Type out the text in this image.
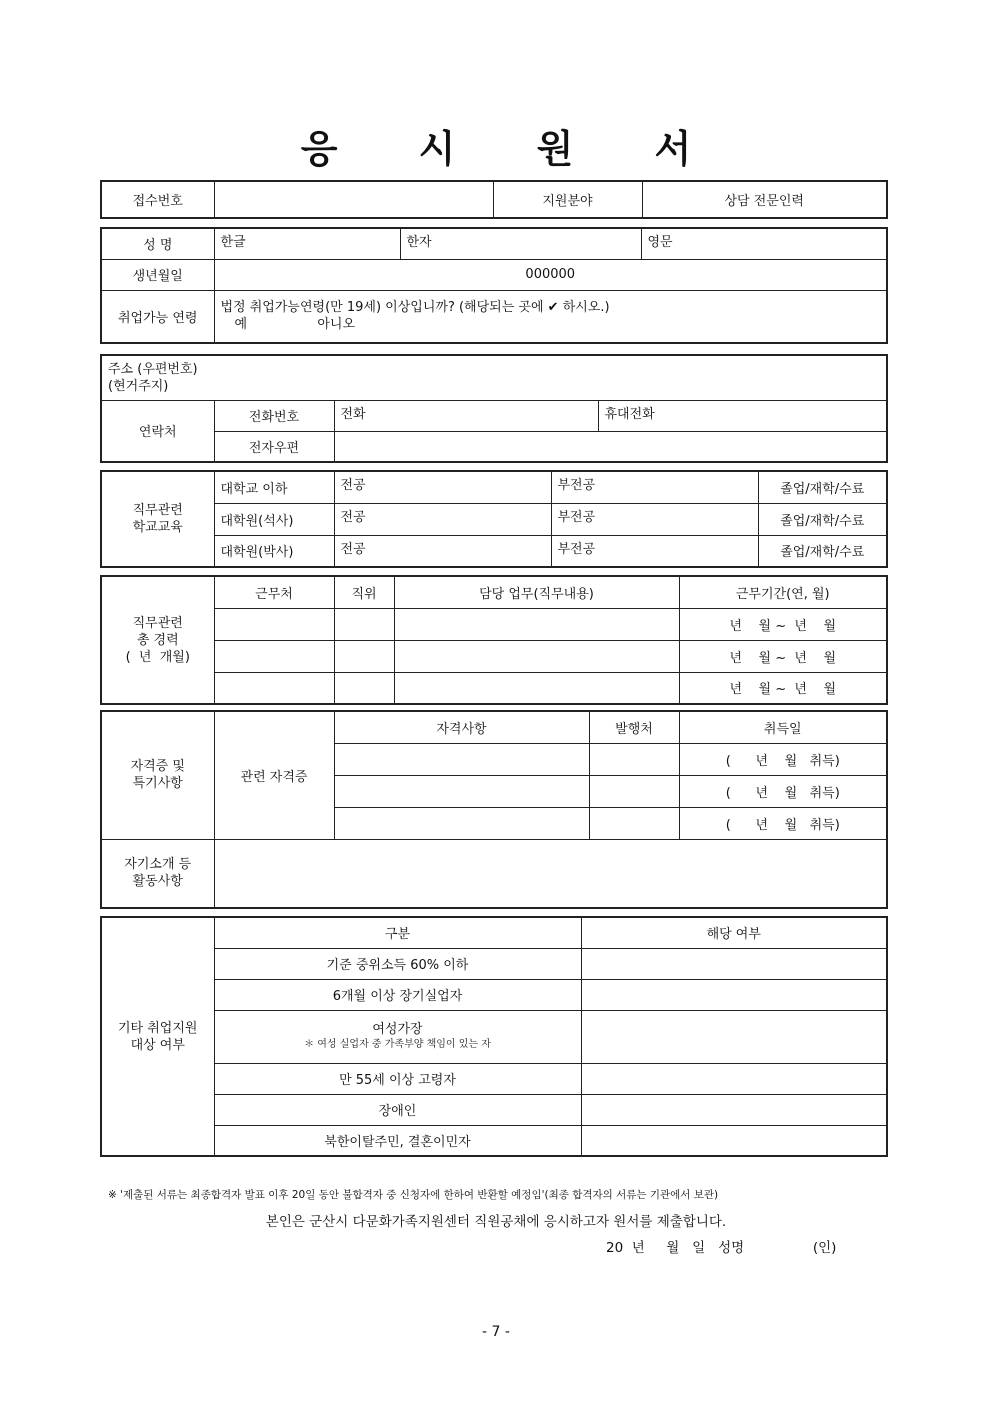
응 시 원 서
접수번호		지원분야	상담 전문인력
성 명	한글	한자	영문
생년월일	000000		
취업가능 연령	법정 취업가능연령(만 19세) 이상입니까? (해당되는 곳에 ✔ 하시오.)
예 아니오		
주소 (우편번호)
(현거주지)			

연락처	전화번호	전화	휴대전화
	전자우편		
직무관련
학교교육	대학교 이하	전공	부전공	졸업/재학/수료
	대학원(석사)	전공	부전공	졸업/재학/수료
	대학원(박사)	전공	부전공	졸업/재학/수료
직무관련
총 경력
(  년  개월)	근무처	직위	담당 업무(직무내용)	근무기간(연, 월)
				년    월 ~  년    월
				년    월 ~  년    월
				년    월 ~  년    월
자격증 및
특기사항	관련 자격증	자격사항	발행처	취득일
				(      년    월   취득)
				(      년    월   취득)
				(      년    월   취득)

자기소개 등
활동사항				

기타 취업지원
대상 여부	구분	해당 여부
	기준 중위소득 60% 이하	
	6개월 이상 장기실업자	

	여성가장
＊ 여성 실업자 중 가족부양 책임이 있는 자	

	만 55세 이상 고령자	
	장애인	
	북한이탈주민, 결혼이민자	
※ '제출된 서류는 최종합격자 발표 이후 20일 동안 불합격자 중 신청자에 한하여 반환할 예정임'(최종 합격자의 서류는 기관에서 보관)
본인은 군산시 다문화가족지원센터 직원공채에 응시하고자 원서를 제출합니다.
20  년     월   일   성명                (인)
- 7 -
